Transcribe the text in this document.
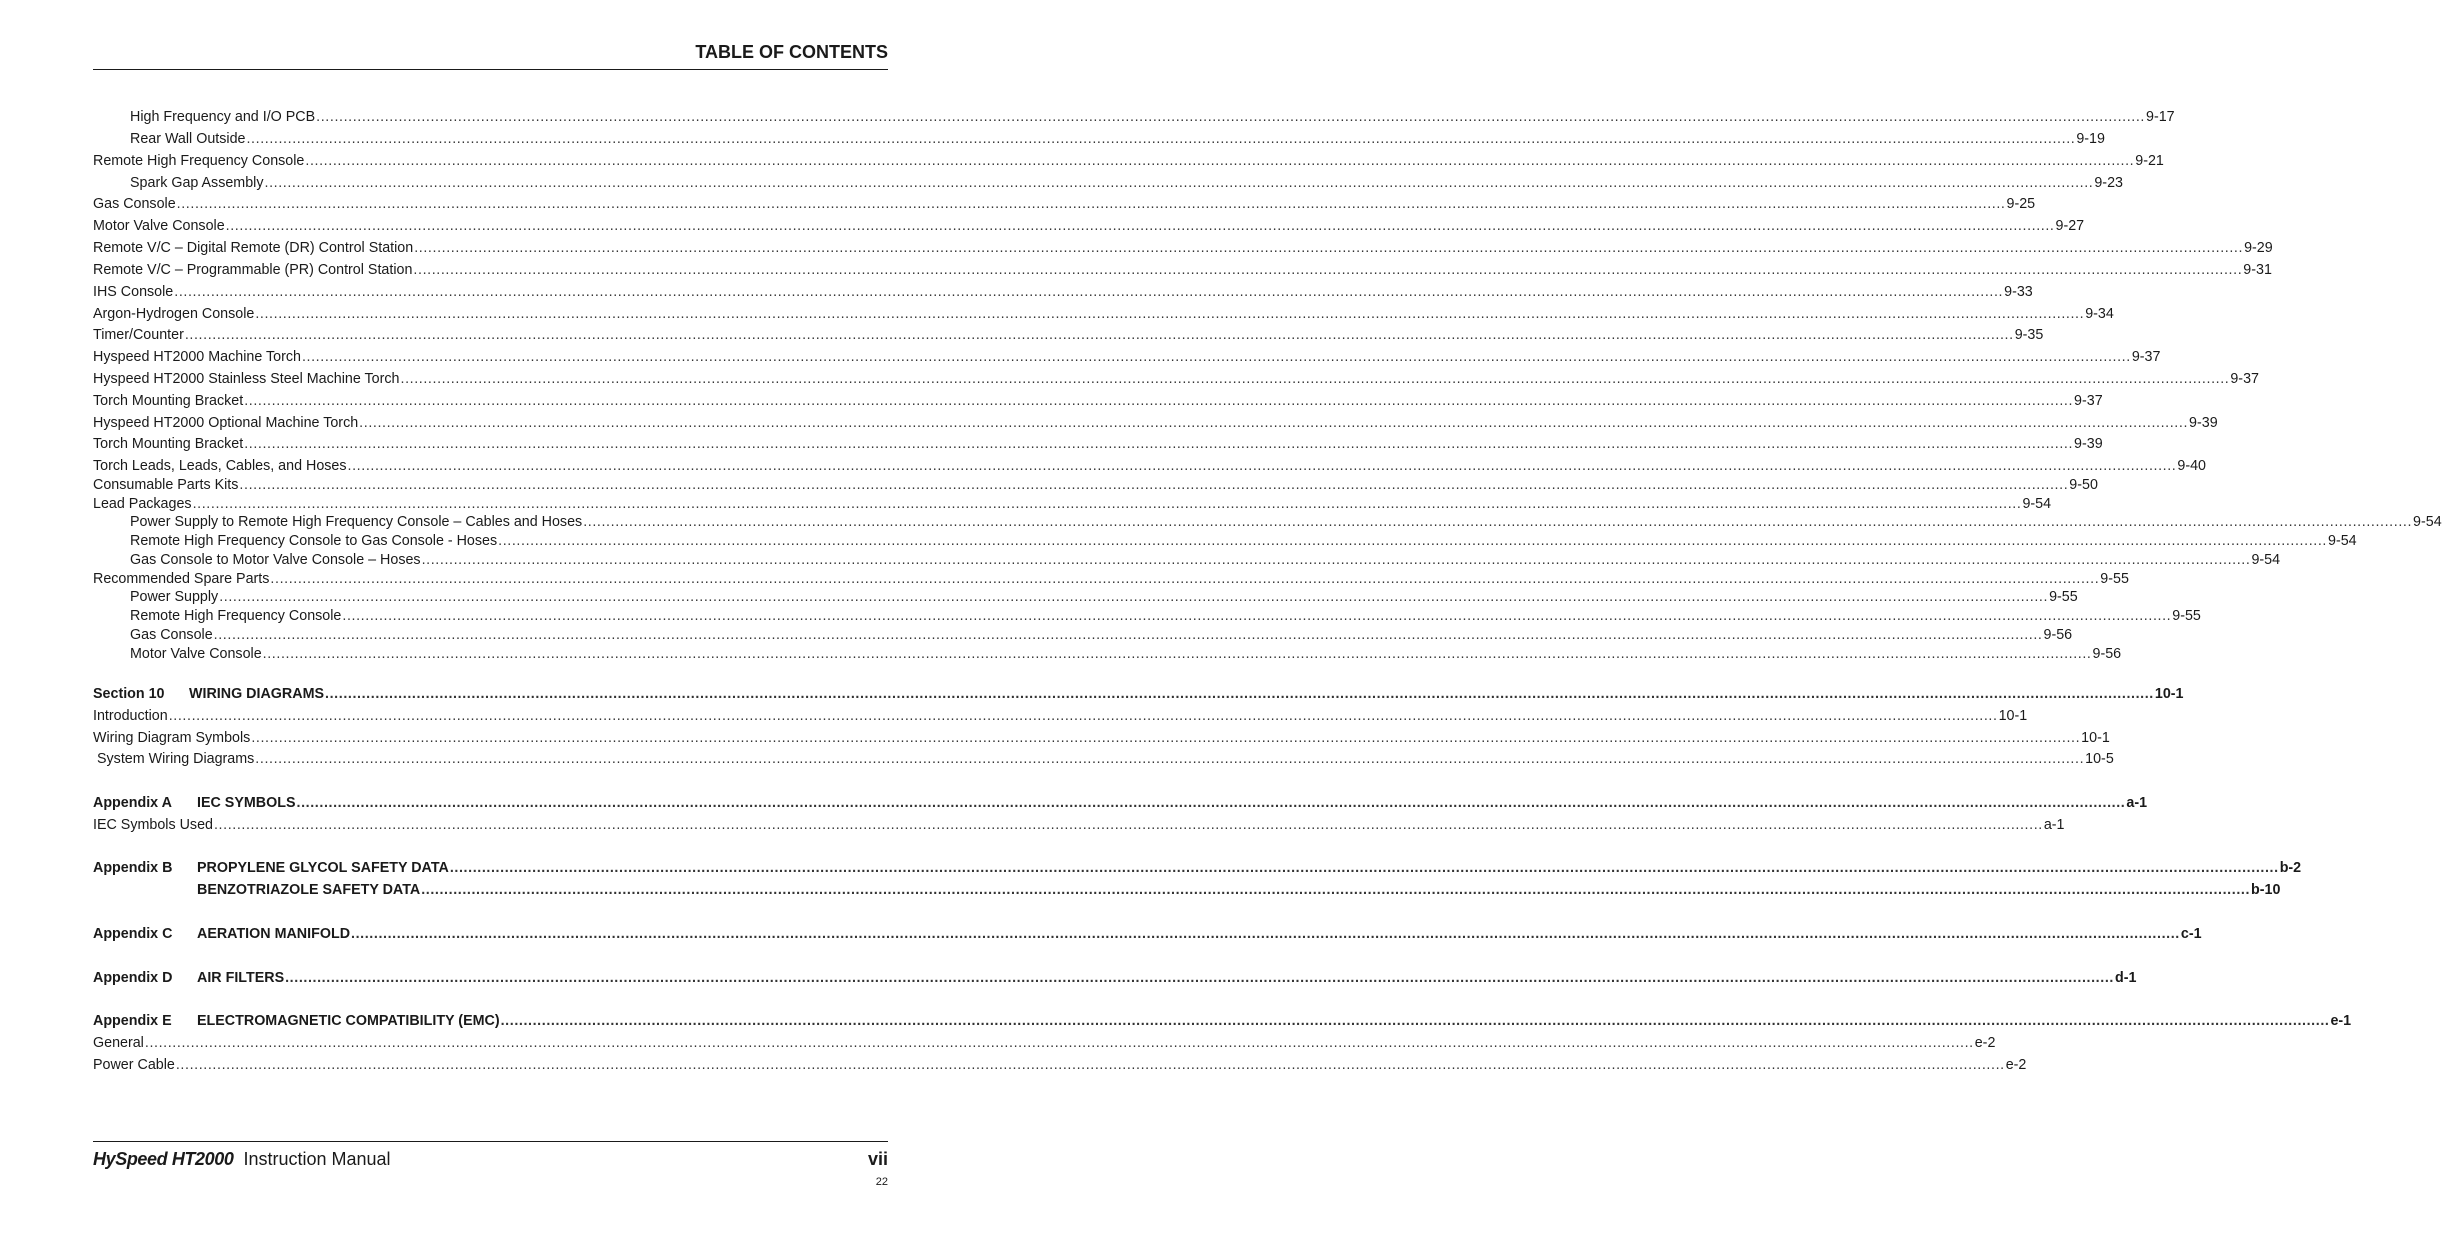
TABLE OF CONTENTS
High Frequency and I/O PCB ................................................................................................................................................................................................................................................................................................................................................................................................................ 9-17
Rear Wall Outside ................................................................................................................................................................................................................................................................................................................................................................................................................ 9-19
Remote High Frequency Console ................................................................................................................................................................................................................................................................................................................................................................................................................ 9-21
Spark Gap Assembly ................................................................................................................................................................................................................................................................................................................................................................................................................ 9-23
Gas Console ................................................................................................................................................................................................................................................................................................................................................................................................................ 9-25
Motor Valve Console ................................................................................................................................................................................................................................................................................................................................................................................................................ 9-27
Remote V/C – Digital Remote (DR) Control Station ................................................................................................................................................................................................................................................................................................................................................................................................................ 9-29
Remote V/C – Programmable (PR) Control Station ................................................................................................................................................................................................................................................................................................................................................................................................................ 9-31
IHS Console ................................................................................................................................................................................................................................................................................................................................................................................................................ 9-33
Argon-Hydrogen Console ................................................................................................................................................................................................................................................................................................................................................................................................................ 9-34
Timer/Counter ................................................................................................................................................................................................................................................................................................................................................................................................................ 9-35
Hyspeed HT2000 Machine Torch ................................................................................................................................................................................................................................................................................................................................................................................................................ 9-37
Hyspeed HT2000 Stainless Steel Machine Torch ................................................................................................................................................................................................................................................................................................................................................................................................................ 9-37
Torch Mounting Bracket ................................................................................................................................................................................................................................................................................................................................................................................................................ 9-37
Hyspeed HT2000 Optional Machine Torch ................................................................................................................................................................................................................................................................................................................................................................................................................ 9-39
Torch Mounting Bracket ................................................................................................................................................................................................................................................................................................................................................................................................................ 9-39
Torch Leads, Leads, Cables, and Hoses ................................................................................................................................................................................................................................................................................................................................................................................................................ 9-40
Consumable Parts Kits ................................................................................................................................................................................................................................................................................................................................................................................................................ 9-50
Lead Packages ................................................................................................................................................................................................................................................................................................................................................................................................................ 9-54
Power Supply to Remote High Frequency Console – Cables and Hoses ................................................................................................................................................................................................................................................................................................................................................................................................................ 9-54
Remote High Frequency Console to Gas Console - Hoses ................................................................................................................................................................................................................................................................................................................................................................................................................ 9-54
Gas Console to Motor Valve Console – Hoses ................................................................................................................................................................................................................................................................................................................................................................................................................ 9-54
Recommended Spare Parts ................................................................................................................................................................................................................................................................................................................................................................................................................ 9-55
Power Supply ................................................................................................................................................................................................................................................................................................................................................................................................................ 9-55
Remote High Frequency Console ................................................................................................................................................................................................................................................................................................................................................................................................................ 9-55
Gas Console ................................................................................................................................................................................................................................................................................................................................................................................................................ 9-56
Motor Valve Console ................................................................................................................................................................................................................................................................................................................................................................................................................ 9-56
Section 10	WIRING DIAGRAMS ................................................................................................................................................................................................................................................................................................................................................................................................................ 10-1
Introduction ................................................................................................................................................................................................................................................................................................................................................................................................................ 10-1
Wiring Diagram Symbols ................................................................................................................................................................................................................................................................................................................................................................................................................ 10-1
System Wiring Diagrams ................................................................................................................................................................................................................................................................................................................................................................................................................ 10-5
Appendix A	IEC SYMBOLS ................................................................................................................................................................................................................................................................................................................................................................................................................ a-1
IEC Symbols Used ................................................................................................................................................................................................................................................................................................................................................................................................................ a-1
Appendix B	PROPYLENE GLYCOL SAFETY DATA ................................................................................................................................................................................................................................................................................................................................................................................................................ b-2
BENZOTRIAZOLE SAFETY DATA ................................................................................................................................................................................................................................................................................................................................................................................................................ b-10
Appendix C	AERATION MANIFOLD ................................................................................................................................................................................................................................................................................................................................................................................................................ c-1
Appendix D	AIR FILTERS ................................................................................................................................................................................................................................................................................................................................................................................................................ d-1
Appendix E	ELECTROMAGNETIC COMPATIBILITY (EMC) ................................................................................................................................................................................................................................................................................................................................................................................................................ e-1
General ................................................................................................................................................................................................................................................................................................................................................................................................................ e-2
Power Cable ................................................................................................................................................................................................................................................................................................................................................................................................................ e-2
HySpeed HT2000 Instruction Manual	vii
22
